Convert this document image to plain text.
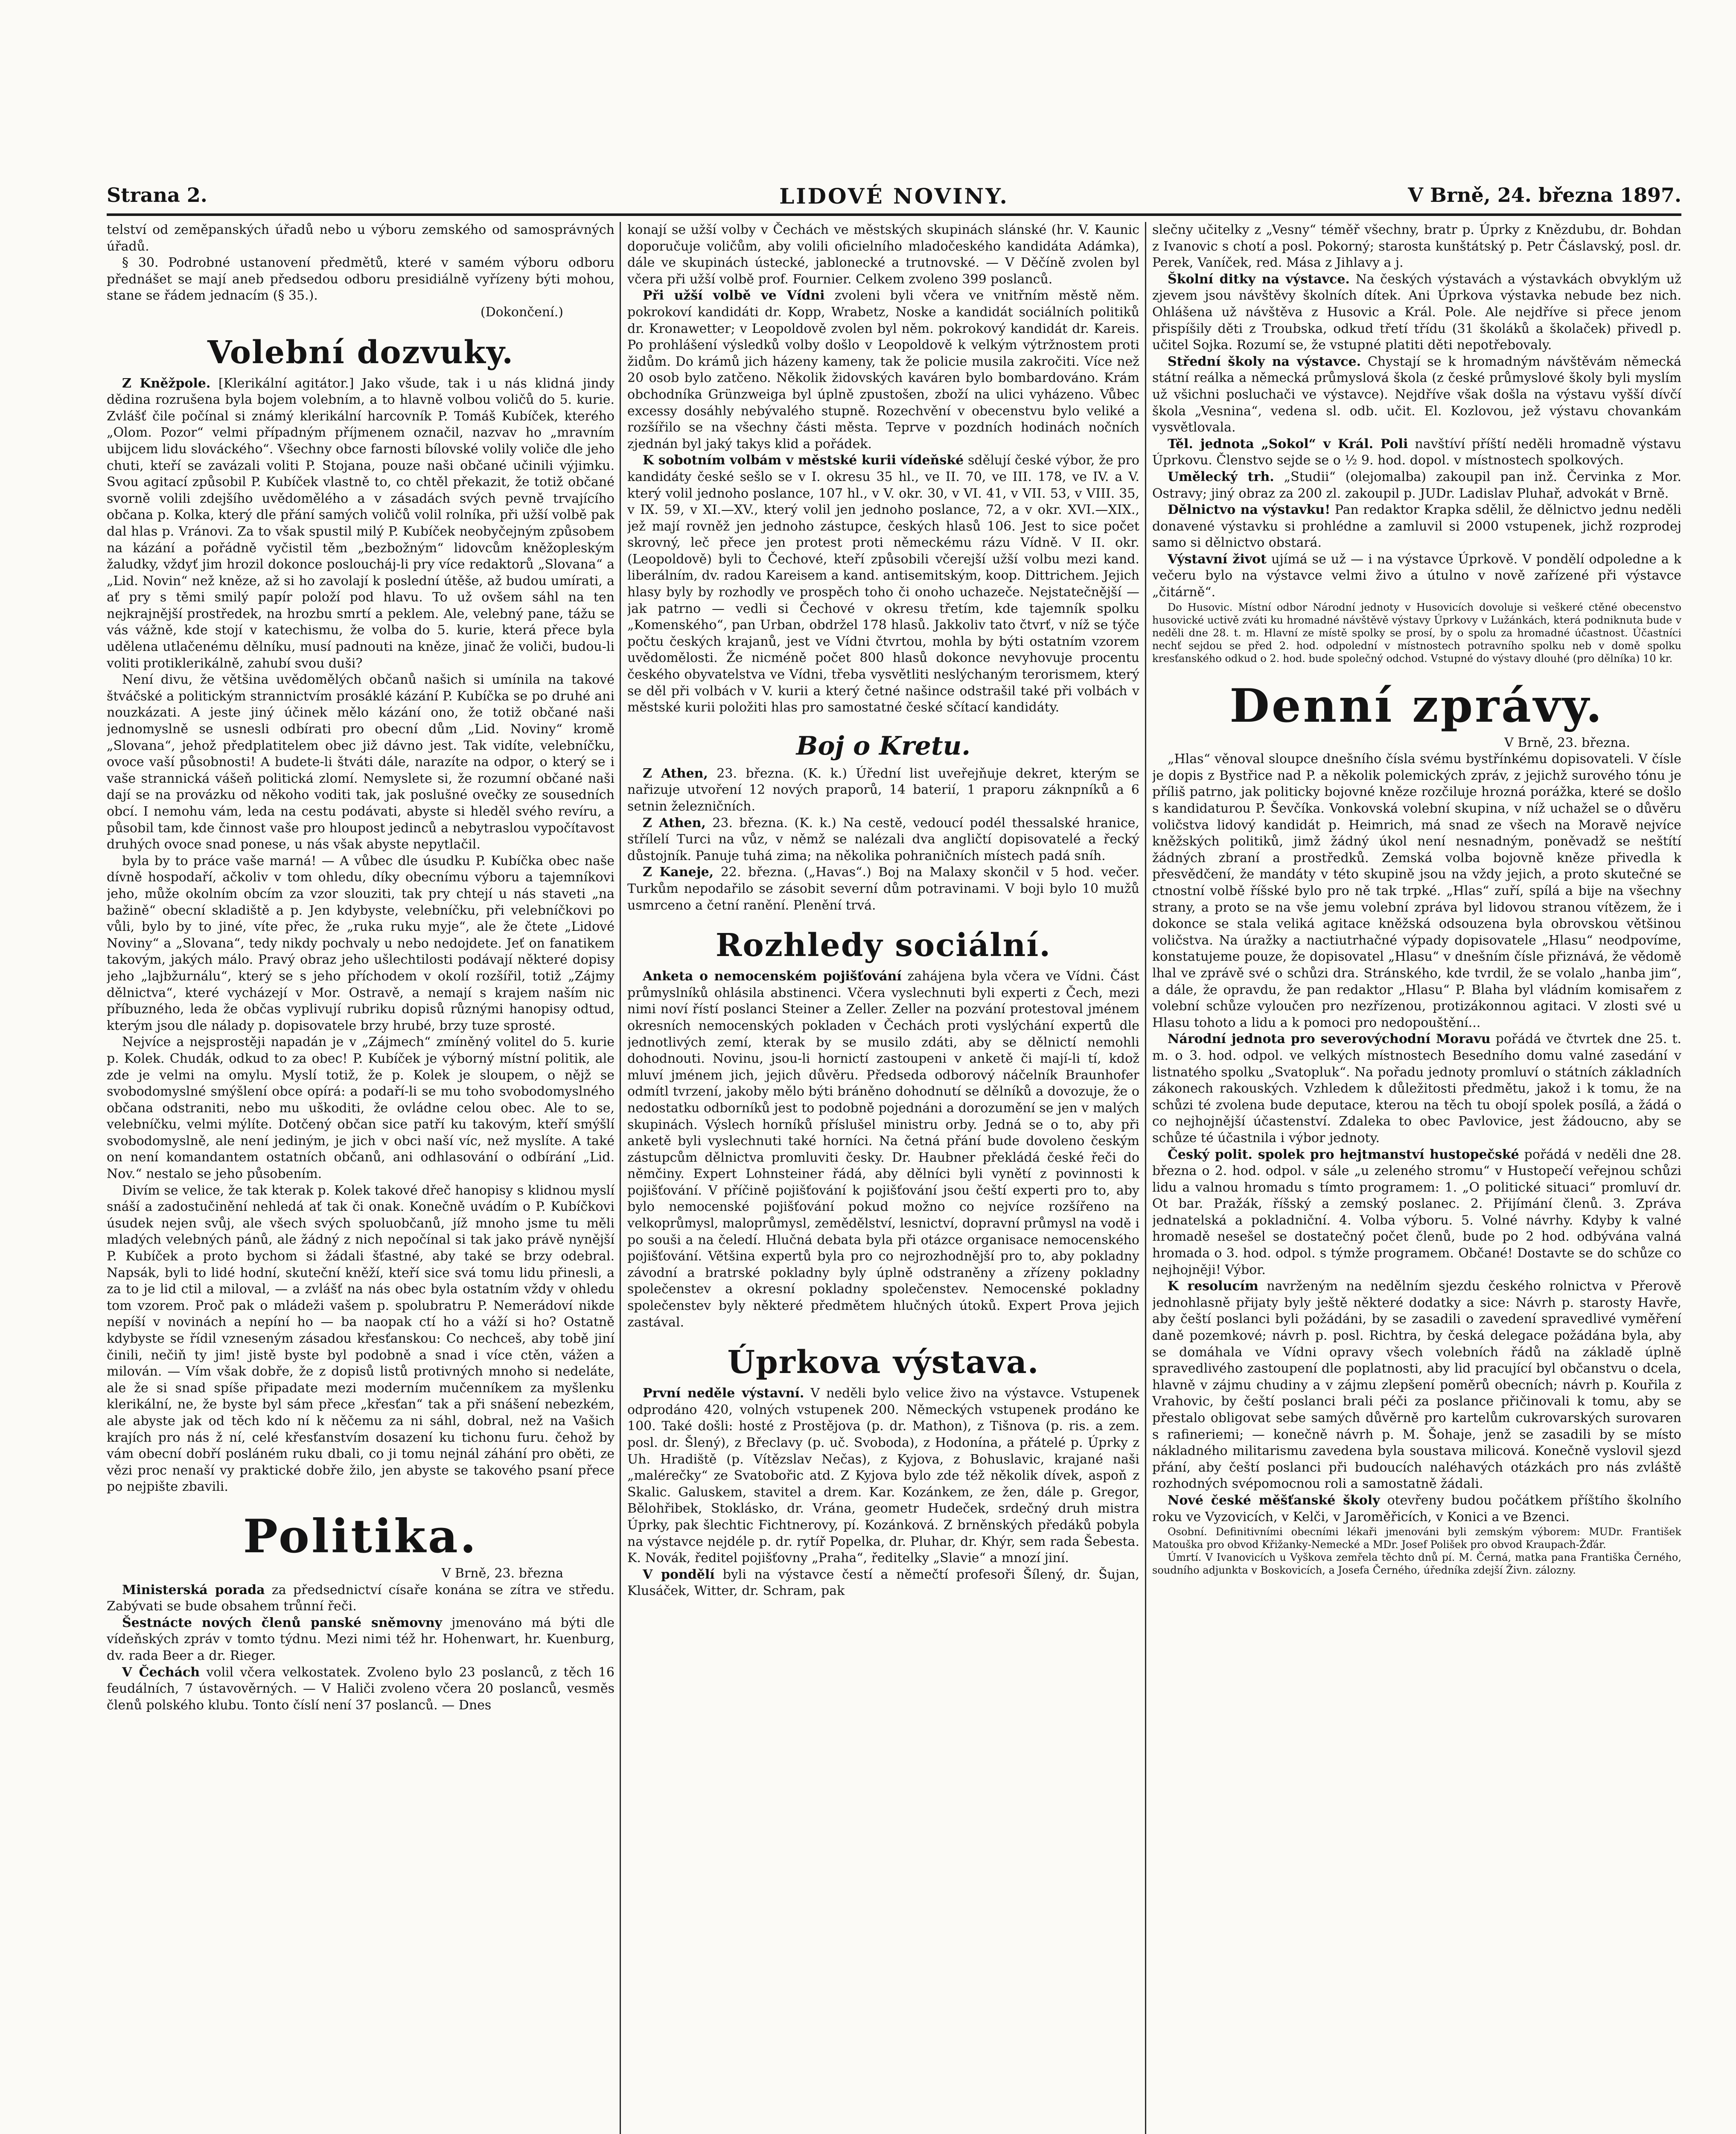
LIDOVÉ NOVINY.
Strana 2.	V Brně, 24. března 1897.

telství od zeměpanských úřadů nebo u výboru zemského od samosprávných úřadů.

§ 30. Podrobné ustanovení předmětů, které v samém výboru odboru přednášet se mají aneb předsedou odboru presidiálně vyřízeny býti mohou, stane se řádem jednacím (§ 35.).

(Dokončení.)
Volební dozvuky.

Z Kněžpole. [Klerikální agitátor.] Jako všude, tak i u nás klidná jindy dědina rozrušena byla bojem volebním, a to hlavně volbou voličů do 5. kurie. Zvlášť čile počínal si známý klerikální harcovník P. Tomáš Kubíček, kterého „Olom. Pozor“ velmi případným příjmenem označil, nazvav ho „mravním ubijcem lidu slováckého“. Všechny obce farnosti bílovské volily voliče dle jeho chuti, kteří se zavázali voliti P. Stojana, pouze naši občané učinili výjimku. Svou agitací způsobil P. Kubíček vlastně to, co chtěl překazit, že totiž občané svorně volili zdejšího uvědomělého a v zásadách svých pevně trvajícího občana p. Kolka, který dle přání samých voličů volil rolníka, při užší volbě pak dal hlas p. Vránovi. Za to však spustil milý P. Kubíček neobyčejným způsobem na kázání a pořádně vyčistil těm „bezbožným“ lidovcům kněžopleským žaludky, vždyť jim hrozil dokonce posloucháj-li pry více redaktorů „Slovana“ a „Lid. Novin“ než kněze, až si ho zavolají k poslední útěše, až budou umírati, a ať pry s těmi smilý papír položí pod hlavu. To už ovšem sáhl na ten nejkrajnější prostředek, na hrozbu smrtí a peklem. Ale, velebný pane, tážu se vás vážně, kde stojí v katechismu, že volba do 5. kurie, která přece byla udělena utlačenému dělníku, musí padnouti na kněze, jinač že voliči, budou-li voliti protiklerikálně, zahubí svou duši?

Není divu, že většina uvědomělých občanů našich si umínila na takové štváčské a politickým strannictvím prosáklé kázání P. Kubíčka se po druhé ani nouzkázati. A jeste jiný účinek mělo kázání ono, že totiž občané naši jednomyslně se usnesli odbírati pro obecní dům „Lid. Noviny“ kromě „Slovana“, jehož předplatitelem obec již dávno jest. Tak vidíte, velebníčku, ovoce vaší působnosti! A budete-li štváti dále, narazíte na odpor, o který se i vaše strannická vášeň politická zlomí. Nemyslete si, že rozumní občané naši dají se na provázku od někoho voditi tak, jak poslušné ovečky ze sousedních obcí. I nemohu vám, leda na cestu podávati, abyste si hleděl svého revíru, a působil tam, kde činnost vaše pro hloupost jedinců a nebytraslou vypočítavost druhých ovoce snad ponese, u nás však abyste nepytlačil.

byla by to práce vaše marná! — A vůbec dle úsudku P. Kubíčka obec naše dívně hospodaří, ačkoliv v tom ohledu, díky obecnímu výboru a tajemníkovi jeho, může okolním obcím za vzor slouziti, tak pry chtejí u nás staveti „na bažině“ obecní skladiště a p. Jen kdybyste, velebníčku, při velebníčkovi po vůli, bylo by to jiné, víte přec, že „ruka ruku myje“, ale že čtete „Lidové Noviny“ a „Slovana“, tedy nikdy pochvaly u nebo nedojdete. Jeť on fanatikem takovým, jakých málo. Pravý obraz jeho ušlechtilosti podávají některé dopisy jeho „lajbžurnálu“, který se s jeho příchodem v okolí rozšířil, totiž „Zájmy dělnictva“, které vycházejí v Mor. Ostravě, a nemají s krajem naším nic příbuzného, leda že občas vyplivují rubriku dopisů různými hanopisy odtud, kterým jsou dle nálady p. dopisovatele brzy hrubé, brzy tuze sprosté.

Nejvíce a nejsprostěji napadán je v „Zájmech“ zmíněný volitel do 5. kurie p. Kolek. Chudák, odkud to za obec! P. Kubíček je výborný místní politik, ale zde je velmi na omylu. Myslí totiž, že p. Kolek je sloupem, o nějž se svobodomyslné smýšlení obce opírá: a podaří-li se mu toho svobodomyslného občana odstraniti, nebo mu uškoditi, že ovládne celou obec. Ale to se, velebníčku, velmi mýlíte. Dotčený občan sice patří ku takovým, kteří smýšlí svobodomyslně, ale není jediným, je jich v obci naší víc, než myslíte. A také on není komandantem ostatních občanů, ani odhlasování o odbírání „Lid. Nov.“ nestalo se jeho působením.

Divím se velice, že tak kterak p. Kolek takové dřeč hanopisy s klidnou myslí snáší a zadostučinění nehledá ať tak či onak. Konečně uvádím o P. Kubíčkovi úsudek nejen svůj, ale všech svých spoluobčanů, jíž mnoho jsme tu měli mladých velebných pánů, ale žádný z nich nepočínal si tak jako právě nynější P. Kubíček a proto bychom si žádali šťastné, aby také se brzy odebral. Napsák, byli to lidé hodní, skuteční kněží, kteří sice svá tomu lidu přinesli, a za to je lid ctil a miloval, — a zvlášť na nás obec byla ostatním vždy v ohledu tom vzorem. Proč pak o mládeži vašem p. spolubratru P. Nemerádoví nikde nepíší v novinách a nepíní ho — ba naopak ctí ho a váží si ho? Ostatně kdybyste se řídil vzneseným zásadou křesťanskou: Co nechceš, aby tobě jiní činili, nečiň ty jim! jistě byste byl podobně a snad i více ctěn, vážen a milován. — Vím však dobře, že z dopisů listů protivných mnoho si nedeláte, ale že si snad spíše připadate mezi moderním mučenníkem za myšlenku klerikální, ne, že byste byl sám přece „křesťan“ tak a při snášení nebezkém, ale abyste jak od těch kdo ní k něčemu za ni sáhl, dobral, než na Vašich krajích pro nás ž ní, celé křesťanstvím dosazení ku tichonu furu. čehož by vám obecní dobří posláném ruku dbali, co ji tomu nejnál záhání pro oběti, ze vězi proc nenaší vy praktické dobře žilo, jen abyste se takového psaní přece po nejpište zbavili.

Politika.
V Brně, 23. března

Ministerská porada za předsednictví císaře konána se zítra ve středu. Zabývati se bude obsahem trůnní řeči.

Šestnácte nových členů panské sněmovny jmenováno má býti dle vídeňských zpráv v tomto týdnu. Mezi nimi též hr. Hohenwart, hr. Kuenburg, dv. rada Beer a dr. Rieger.

V Čechách volil včera velkostatek. Zvoleno bylo 23 poslanců, z těch 16 feudálních, 7 ústavověrných. — V Haliči zvoleno včera 20 poslanců, vesměs členů polského klubu. Tonto číslí není 37 poslanců. — Dnes

konají se užší volby v Čechách ve městských skupinách slánské (hr. V. Kaunic doporučuje voličům, aby volili oficielního mladočeského kandidáta Adámka), dále ve skupinách ústecké, jablonecké a trutnovské. — V Děčíně zvolen byl včera při užší volbě prof. Fournier. Celkem zvoleno 399 poslanců.

Při užší volbě ve Vídni zvoleni byli včera ve vnitřním městě něm. pokrokoví kandidáti dr. Kopp, Wrabetz, Noske a kandidát sociálních politiků dr. Kronawetter; v Leopoldově zvolen byl něm. pokrokový kandidát dr. Kareis. Po prohlášení výsledků volby došlo v Leopoldově k velkým výtržnostem proti židům. Do krámů jich házeny kameny, tak že policie musila zakročiti. Více než 20 osob bylo zatčeno. Několik židovských kaváren bylo bombardováno. Krám obchodníka Grünzweiga byl úplně zpustošen, zboží na ulici vyházeno. Vůbec excessy dosáhly nebývalého stupně. Rozechvění v obecenstvu bylo veliké a rozšířilo se na všechny části města. Teprve v pozdních hodinách nočních zjednán byl jaký takys klid a pořádek.

K sobotním volbám v městské kurii vídeňské sdělují české výbor, že pro kandidáty české sešlo se v I. okresu 35 hl., ve II. 70, ve III. 178, ve IV. a V. který volil jednoho poslance, 107 hl., v V. okr. 30, v VI. 41, v VII. 53, v VIII. 35, v IX. 59, v XI.—XV., který volil jen jednoho poslance, 72, a v okr. XVI.—XIX., jež mají rovněž jen jednoho zástupce, českých hlasů 106. Jest to sice počet skrovný, leč přece jen protest proti německému rázu Vídně. V II. okr. (Leopoldově) byli to Čechové, kteří způsobili včerejší užší volbu mezi kand. liberálním, dv. radou Kareisem a kand. antisemitským, koop. Dittrichem. Jejich hlasy byly by rozhodly ve prospěch toho či onoho uchazeče. Nejstatečnější — jak patrno — vedli si Čechové v okresu třetím, kde tajemník spolku „Komenského“, pan Urban, obdržel 178 hlasů. Jakkoliv tato čtvrť, v níž se týče počtu českých krajanů, jest ve Vídni čtvrtou, mohla by býti ostatním vzorem uvědomělosti. Že nicméně počet 800 hlasů dokonce nevyhovuje procentu českého obyvatelstva ve Vídni, třeba vysvětliti neslýchaným terorismem, který se děl při volbách v V. kurii a který četné našince odstrašil také při volbách v městské kurii položiti hlas pro samostatné české sčítací kandidáty.

Boj o Kretu.

Z Athen, 23. března. (K. k.) Úřední list uveřejňuje dekret, kterým se nařizuje utvoření 12 nových praporů, 14 baterií, 1 praporu záknpníků a 6 setnin železničních.

Z Athen, 23. března. (K. k.) Na cestě, vedoucí podél thessalské hranice, střílelí Turci na vůz, v němž se nalézali dva angličtí dopisovatelé a řecký důstojník. Panuje tuhá zima; na několika pohraničních místech padá sníh.

Z Kaneje, 22. března. („Havas“.) Boj na Malaxy skončil v 5 hod. večer. Turkům nepodařilo se zásobit severní dům potravinami. V boji bylo 10 mužů usmrceno a četní ranění. Plenění trvá.

Rozhledy sociální.

Anketa o nemocenském pojišťování zahájena byla včera ve Vídni. Část průmyslníků ohlásila abstinenci. Včera vyslechnuti byli experti z Čech, mezi nimi noví řístí poslanci Steiner a Zeller. Zeller na pozvání protestoval jménem okresních nemocenských pokladen v Čechách proti vyslýchání expertů dle jednotlivých zemí, kterak by se musilo zdáti, aby se dělnictí nemohli dohodnouti. Novinu, jsou-li hornictí zastoupeni v anketě či mají-li tí, kdož mluví jménem jich, jejich důvěru. Předseda odborový náčelník Braunhofer odmítl tvrzení, jakoby mělo býti bráněno dohodnutí se dělníků a dovozuje, že o nedostatku odborníků jest to podobně pojednáni a dorozumění se jen v malých skupinách. Výslech horníků příslušel ministru orby. Jedná se o to, aby při anketě byli vyslechnuti také horníci. Na četná přání bude dovoleno českým zástupcům dělnictva promluviti česky. Dr. Haubner překládá české řeči do němčiny. Expert Lohnsteiner řádá, aby dělníci byli vynětí z povinnosti k pojišťování. V příčině pojišťování k pojišťování jsou čeští experti pro to, aby bylo nemocenské pojišťování pokud možno co nejvíce rozšířeno na velkoprůmysl, maloprůmysl, zemědělství, lesnictví, dopravní průmysl na vodě i po souši a na čeledí. Hlučná debata byla při otázce organisace nemocenského pojišťování. Většina expertů byla pro co nejrozhodnější pro to, aby pokladny závodní a bratrské pokladny byly úplně odstraněny a zřízeny pokladny společenstev a okresní pokladny společenstev. Nemocenské pokladny společenstev byly některé předmětem hlučných útoků. Expert Prova jejich zastával.

Úprkova výstava.

První neděle výstavní. V neděli bylo velice živo na výstavce. Vstupenek odprodáno 420, volných vstupenek 200. Německých vstupenek prodáno ke 100. Také došli: hosté z Prostějova (p. dr. Mathon), z Tišnova (p. ris. a zem. posl. dr. Šlený), z Břeclavy (p. uč. Svoboda), z Hodonína, a přátelé p. Úprky z Uh. Hradiště (p. Vítězslav Nečas), z Kyjova, z Bohuslavic, krajané naši „malérečky“ ze Svatobořic atd. Z Kyjova bylo zde též několik dívek, aspoň z Skalic. Galuskem, stavitel a drem. Kar. Kozánkem, ze žen, dále p. Gregor, Bělohřibek, Stoklásko, dr. Vrána, geometr Hudeček, srdečný druh mistra Úprky, pak šlechtic Fichtnerovy, pí. Kozánková. Z brněnských předáků pobyla na výstavce nejdéle p. dr. rytíř Popelka, dr. Pluhar, dr. Khýr, sem rada Šebesta. K. Novák, ředitel pojišťovny „Praha“, ředitelky „Slavie“ a mnozí jiní.

V pondělí byli na výstavce čestí a němečtí profesoři Šílený, dr. Šujan, Klusáček, Witter, dr. Schram, pak

slečny učitelky z „Vesny“ téměř všechny, bratr p. Úprky z Knězdubu, dr. Bohdan z Ivanovic s chotí a posl. Pokorný; starosta kunštátský p. Petr Čáslavský, posl. dr. Perek, Vaníček, red. Mása z Jihlavy a j.

Školní ditky na výstavce. Na českých výstavách a výstavkách obvyklým už zjevem jsou návštěvy školních dítek. Ani Úprkova výstavka nebude bez nich. Ohlášena už návštěva z Husovic a Král. Pole. Ale nejdříve si přece jenom přispíšily děti z Troubska, odkud třetí třídu (31 školáků a školaček) přivedl p. učitel Sojka. Rozumí se, že vstupné platiti děti nepotřebovaly.

Střední školy na výstavce. Chystají se k hromadným návštěvám německá státní reálka a německá průmyslová škola (z české průmyslové školy byli myslím už všichni posluchači ve výstavce). Nejdříve však došla na výstavu vyšší dívčí škola „Vesnina“, vedena sl. odb. učit. El. Kozlovou, jež výstavu chovankám vysvětlovala.

Těl. jednota „Sokol“ v Král. Poli navštíví příští neděli hromadně výstavu Úprkovu. Členstvo sejde se o ½ 9. hod. dopol. v místnostech spolkových.

Umělecký trh. „Studii“ (olejomalba) zakoupil pan inž. Červinka z Mor. Ostravy; jiný obraz za 200 zl. zakoupil p. JUDr. Ladislav Pluhař, advokát v Brně.

Dělnictvo na výstavku! Pan redaktor Krapka sdělil, že dělnictvo jednu neděli donavené výstavku si prohlédne a zamluvil si 2000 vstupenek, jichž rozprodej samo si dělnictvo obstará.

Výstavní život ujímá se už — i na výstavce Úprkově. V pondělí odpoledne a k večeru bylo na výstavce velmi živo a útulno v nově zařízené při výstavce „čitárně“.

Do Husovic. Místní odbor Národní jednoty v Husovicích dovoluje si veškeré ctěné obecenstvo husovické uctivě zváti ku hromadné návštěvě výstavy Úprkovy v Lužánkách, která podniknuta bude v neděli dne 28. t. m. Hlavní ze místě spolky se prosí, by o spolu za hromadné účastnost. Účastníci nechť sejdou se před 2. hod. odpolední v místnostech potravního spolku neb v domě spolku kresťanského odkud o 2. hod. bude společný odchod. Vstupné do výstavy dlouhé (pro dělníka) 10 kr.

Denní zprávy.
V Brně, 23. března.

„Hlas“ věnoval sloupce dnešního čísla svému bystřínkému dopisovateli. V čísle je dopis z Bystřice nad P. a několik polemických zpráv, z jejichž surového tónu je příliš patrno, jak politicky bojovné kněze rozčiluje hrozná porážka, které se došlo s kandidaturou P. Ševčíka. Vonkovská volební skupina, v níž uchažel se o důvěru voličstva lidový kandidát p. Heimrich, má snad ze všech na Moravě nejvíce kněžských politiků, jimž žádný úkol není nesnadným, poněvadž se neštítí žádných zbraní a prostředků. Zemská volba bojovně kněze přivedla k přesvědčení, že mandáty v této skupině jsou na vždy jejich, a proto skutečné se ctnostní volbě říšské bylo pro ně tak trpké. „Hlas“ zuří, spílá a bije na všechny strany, a proto se na vše jemu volební zpráva byl lidovou stranou vítězem, že i dokonce se stala veliká agitace kněžská odsouzena byla obrovskou většinou voličstva. Na úražky a nactiutrhačné výpady dopisovatele „Hlasu“ neodpovíme, konstatujeme pouze, že dopisovatel „Hlasu“ v dnešním čísle přiznává, že vědomě lhal ve zprávě své o schůzi dra. Stránského, kde tvrdil, že se volalo „hanba jim“, a dále, že opravdu, že pan redaktor „Hlasu“ P. Blaha byl vládním komisařem z volební schůze vyloučen pro nezřízenou, protizákonnou agitaci. V zlosti své u Hlasu tohoto a lidu a k pomoci pro nedopouštění...

Národní jednota pro severovýchodní Moravu pořádá ve čtvrtek dne 25. t. m. o 3. hod. odpol. ve velkých místnostech Besedního domu valné zasedání v listnatého spolku „Svatopluk“. Na pořadu jednoty promluví o státních základních zákonech rakouských. Vzhledem k důležitosti předmětu, jakož i k tomu, že na schůzi té zvolena bude deputace, kterou na těch tu obojí spolek posílá, a žádá o co nejhojnější účastenství. Zdaleka to obec Pavlovice, jest žádoucno, aby se schůze té účastnila i výbor jednoty.

Český polit. spolek pro hejtmanství hustopečské pořádá v neděli dne 28. března o 2. hod. odpol. v sále „u zeleného stromu“ v Hustopečí veřejnou schůzi lidu a valnou hromadu s tímto programem: 1. „O politické situaci“ promluví dr. Ot bar. Pražák, říšský a zemský poslanec. 2. Přijímání členů. 3. Zpráva jednatelská a pokladniční. 4. Volba výboru. 5. Volné návrhy. Kdyby k valné hromadě nesešel se dostatečný počet členů, bude po 2 hod. odbývána valná hromada o 3. hod. odpol. s týmže programem. Občané! Dostavte se do schůze co nejhojněji! Výbor.

K resolucím navrženým na nedělním sjezdu českého rolnictva v Přerově jednohlasně přijaty byly ještě některé dodatky a sice: Návrh p. starosty Havře, aby čeští poslanci byli požádáni, by se zasadili o zavedení spravedlivé vyměření daně pozemkové; návrh p. posl. Richtra, by česká delegace požádána byla, aby se domáhala ve Vídni opravy všech volebních řádů na základě úplně spravedlivého zastoupení dle poplatnosti, aby lid pracující byl občanstvu o dcela, hlavně v zájmu chudiny a v zájmu zlepšení poměrů obecních; návrh p. Kouřila z Vrahovic, by čeští poslanci brali péči za poslance přičinovali k tomu, aby se přestalo obligovat sebe samých důvěrně pro kartelům cukrovarských surovaren s rafineriemi; — konečně návrh p. M. Šohaje, jenž se zasadili by se místo nákladného militarismu zavedena byla soustava milicová. Konečně vyslovil sjezd přání, aby čeští poslanci při budoucích naléhavých otázkách pro nás zvláště rozhodných svépomocnou roli a samostatně žádali.

Nové české měšťanské školy otevřeny budou počátkem příštího školního roku ve Vyzovicích, v Kelči, v Jaroměřicích, v Konici a ve Bzenci.

Osobní. Definitivními obecními lékaři jmenováni byli zemským výborem: MUDr. František Matouška pro obvod Křižanky-Nemecké a MDr. Josef Polišek pro obvod Kraupach-Žďár.

Úmrtí. V Ivanovicích u Vyškova zemřela těchto dnů pí. M. Černá, matka pana Františka Černého, soudního adjunkta v Boskovicích, a Josefa Černého, úředníka zdejší Živn. zálozny.
